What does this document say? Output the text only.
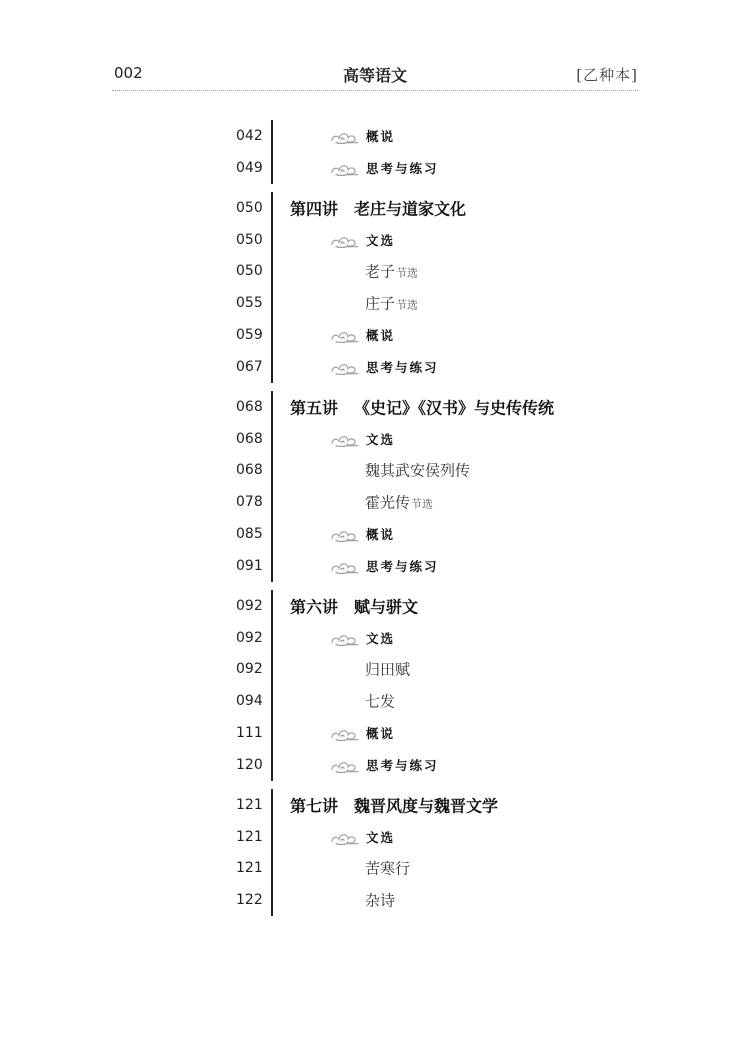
002	高等语文	[乙种本]
042	概说
049	思考与练习
050 第四讲 老庄与道家文化
050	文选
050	老子节选
055	庄子节选
059	概说
067	思考与练习
068 第五讲 《史记》《汉书》与史传传统
068	文选
068	魏其武安侯列传
078	霍光传节选
085	概说
091	思考与练习
092 第六讲 赋与骈文
092	文选
092	归田赋
094	七发
111	概说
120	思考与练习
121 第七讲 魏晋风度与魏晋文学
121	文选
121	苦寒行
122	杂诗
